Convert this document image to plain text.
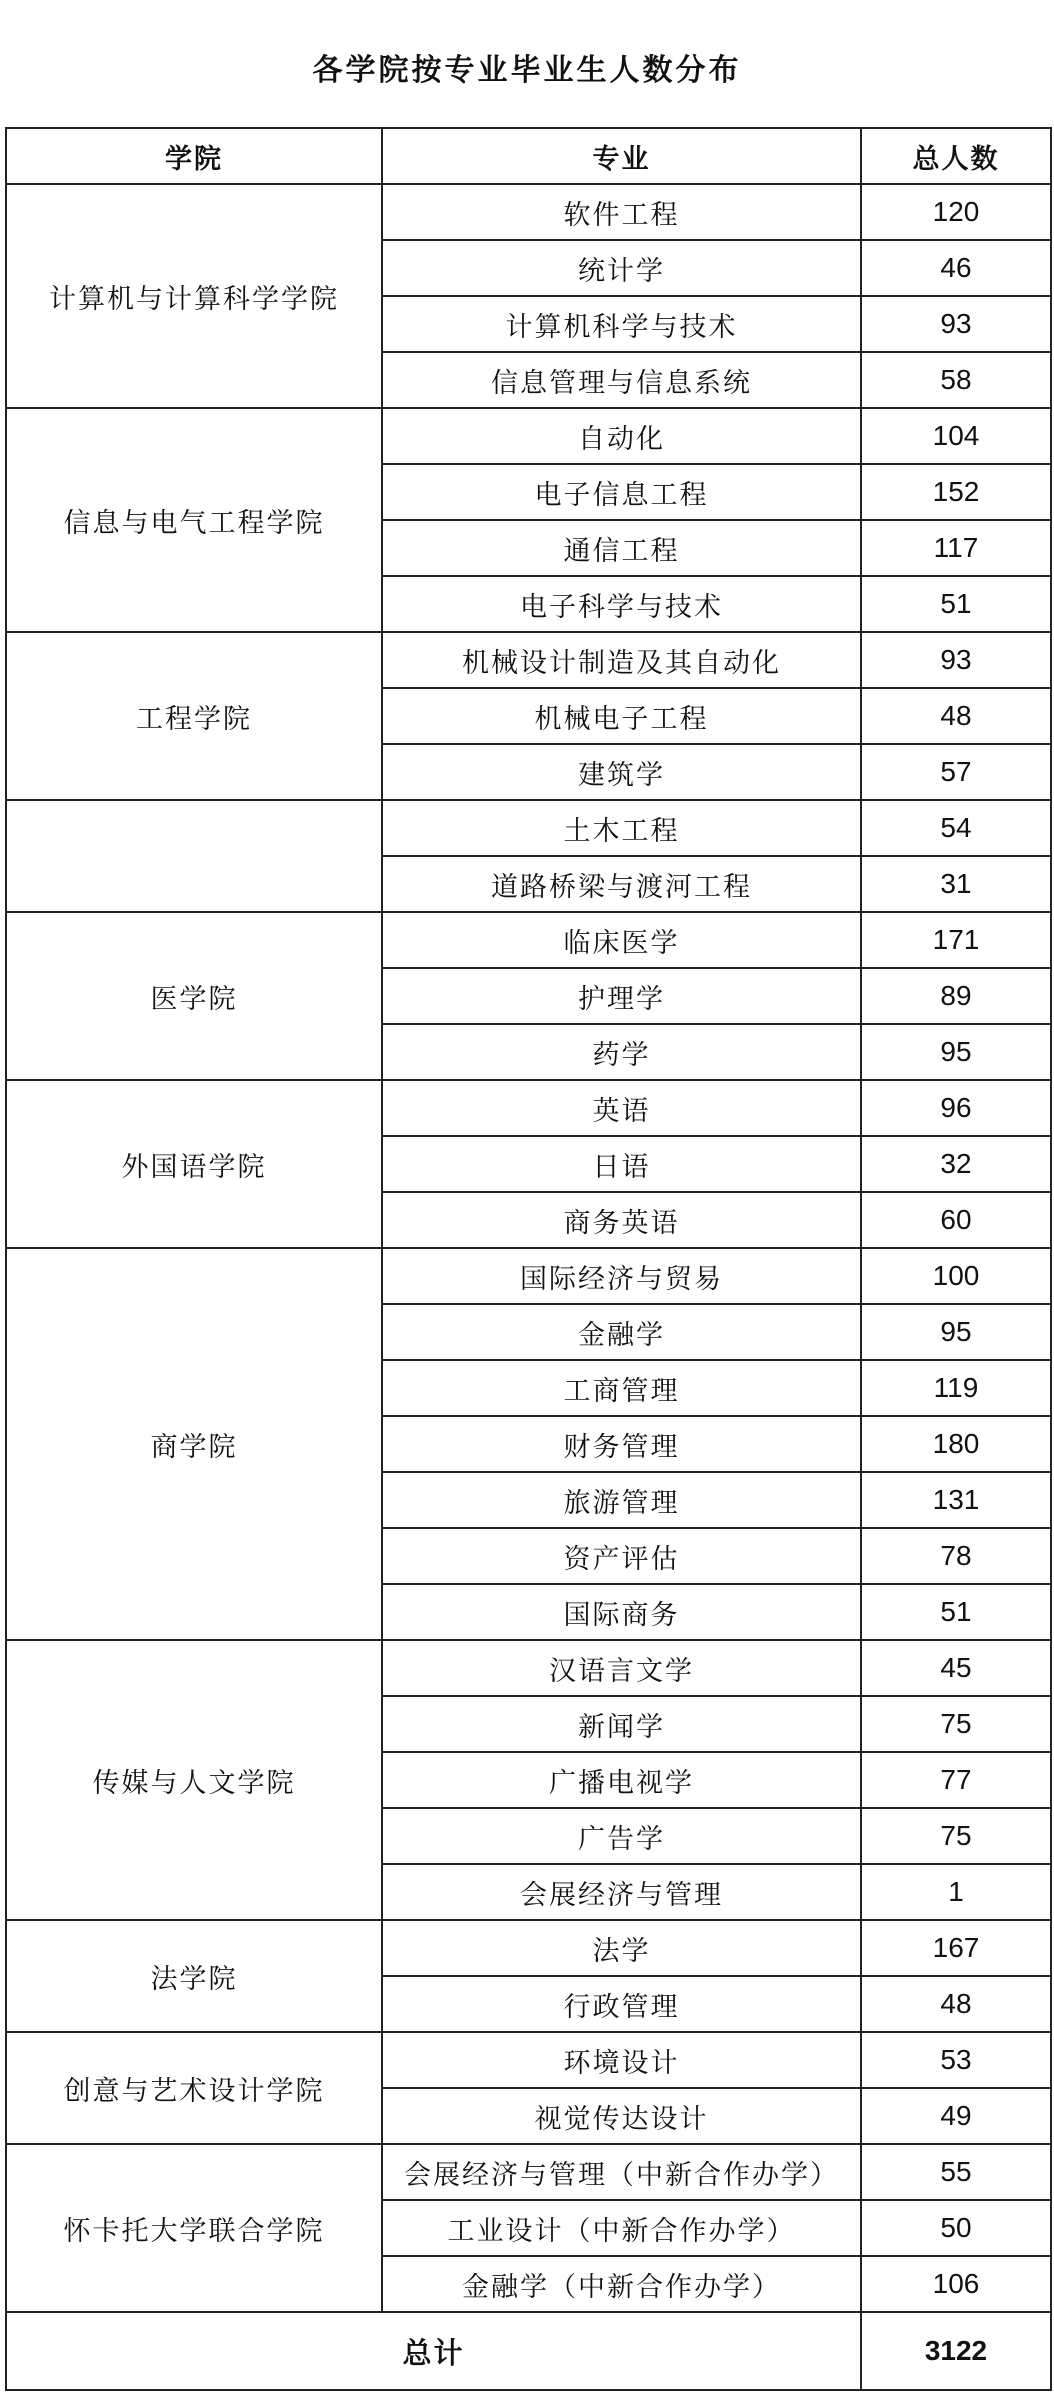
各学院按专业毕业生人数分布
学院	专业	总人数
计算机与计算科学学院	软件工程	120
	统计学	46
	计算机科学与技术	93
	信息管理与信息系统	58
信息与电气工程学院	自动化	104
	电子信息工程	152
	通信工程	117
	电子科学与技术	51
工程学院	机械设计制造及其自动化	93
	机械电子工程	48
	建筑学	57
	土木工程	54
	道路桥梁与渡河工程	31
医学院	临床医学	171
	护理学	89
	药学	95
外国语学院	英语	96
	日语	32
	商务英语	60
商学院	国际经济与贸易	100
	金融学	95
	工商管理	119
	财务管理	180
	旅游管理	131
	资产评估	78
	国际商务	51
传媒与人文学院	汉语言文学	45
	新闻学	75
	广播电视学	77
	广告学	75
	会展经济与管理	1
法学院	法学	167
	行政管理	48
创意与艺术设计学院	环境设计	53
	视觉传达设计	49
怀卡托大学联合学院	会展经济与管理（中新合作办学）	55
	工业设计（中新合作办学）	50
	金融学（中新合作办学）	106
总计		3122
